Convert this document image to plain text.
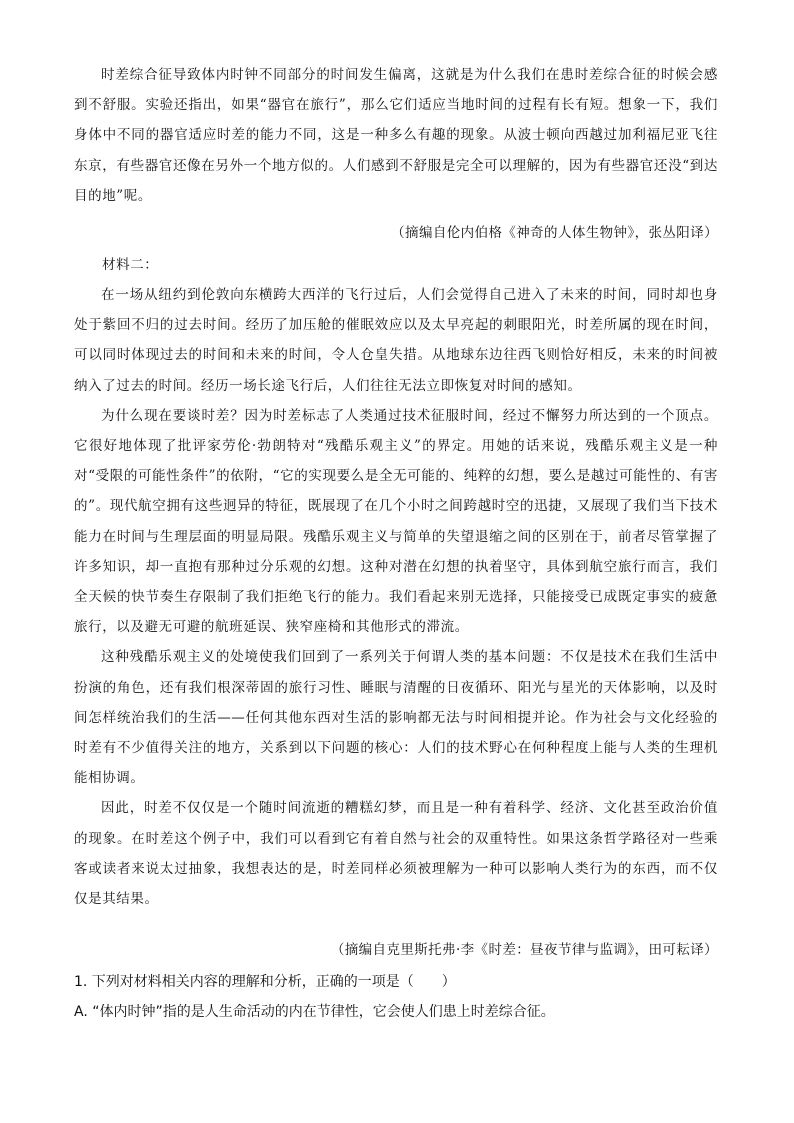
时差综合征导致体内时钟不同部分的时间发生偏离，这就是为什么我们在患时差综合征的时候会感到不舒服。实验还指出，如果“器官在旅行”，那么它们适应当地时间的过程有长有短。想象一下，我们身体中不同的器官适应时差的能力不同，这是一种多么有趣的现象。从波士顿向西越过加利福尼亚飞往东京，有些器官还像在另外一个地方似的。人们感到不舒服是完全可以理解的，因为有些器官还没“到达目的地”呢。

（摘编自伦内伯格《神奇的人体生物钟》，张丛阳译）
材料二：

在一场从纽约到伦敦向东横跨大西洋的飞行过后，人们会觉得自己进入了未来的时间，同时却也身处于紫回不归的过去时间。经历了加压舱的催眠效应以及太早亮起的刺眼阳光，时差所属的现在时间，可以同时体现过去的时间和未来的时间，令人仓皇失措。从地球东边往西飞则恰好相反，未来的时间被纳入了过去的时间。经历一场长途飞行后，人们往往无法立即恢复对时间的感知。

为什么现在要谈时差？因为时差标志了人类通过技术征服时间，经过不懈努力所达到的一个顶点。它很好地体现了批评家劳伦·勃朗特对“残酷乐观主义”的界定。用她的话来说，残酷乐观主义是一种对“受限的可能性条件”的依附，“它的实现要么是全无可能的、纯粹的幻想，要么是越过可能性的、有害的”。现代航空拥有这些迥异的特征，既展现了在几个小时之间跨越时空的迅捷，又展现了我们当下技术能力在时间与生理层面的明显局限。残酷乐观主义与简单的失望退缩之间的区别在于，前者尽管掌握了许多知识，却一直抱有那种过分乐观的幻想。这种对潜在幻想的执着坚守，具体到航空旅行而言，我们全天候的快节奏生存限制了我们拒绝飞行的能力。我们看起来别无选择，只能接受已成既定事实的疲惫旅行，以及避无可避的航班延误、狭窄座椅和其他形式的滞流。

这种残酷乐观主义的处境使我们回到了一系列关于何谓人类的基本问题：不仅是技术在我们生活中扮演的角色，还有我们根深蒂固的旅行习性、睡眠与清醒的日夜循环、阳光与星光的天体影响，以及时间怎样统治我们的生活——任何其他东西对生活的影响都无法与时间相提并论。作为社会与文化经验的时差有不少值得关注的地方，关系到以下问题的核心：人们的技术野心在何种程度上能与人类的生理机能相协调。

因此，时差不仅仅是一个随时间流逝的糟糕幻梦，而且是一种有着科学、经济、文化甚至政治价值的现象。在时差这个例子中，我们可以看到它有着自然与社会的双重特性。如果这条哲学路径对一些乘客或读者来说太过抽象，我想表达的是，时差同样必须被理解为一种可以影响人类行为的东西，而不仅仅是其结果。

（摘编自克里斯托弗·李《时差：昼夜节律与监调》，田可耘译）
1. 下列对材料相关内容的理解和分析，正确的一项是（　　）
A. “体内时钟”指的是人生命活动的内在节律性，它会使人们患上时差综合征。
